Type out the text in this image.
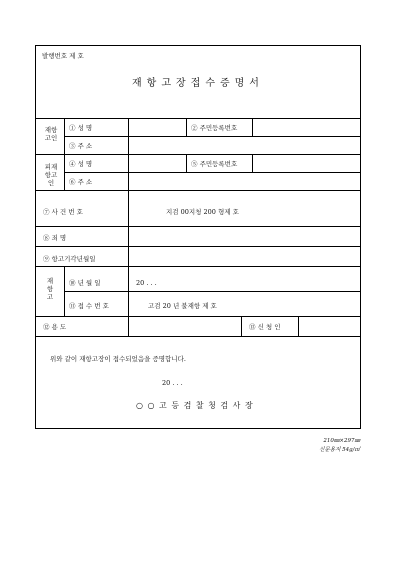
발행번호 제 호
재항고장접수증명서
재항고인
① 성 명	② 주민등록번호
③ 주 소
피재항고인
④ 성 명	⑤ 주민등록번호
⑥ 주 소
⑦ 사 건 번 호	지검 00지청 200 형제 호
⑧ 죄 명
⑨ 항고기각년월일
재항고
⑩ 년 월 일	20 . . .
⑪ 접 수 번 호	고검 20 년 불재항 제 호
⑫ 용 도	⑬ 신 청 인
위와 같이 재항고장이 접수되었음을 증명합니다.
20 . . .
○ ○ 고 등 검 찰 청 검 사 장
210㎜×297㎜
신문용지 54g/㎡
